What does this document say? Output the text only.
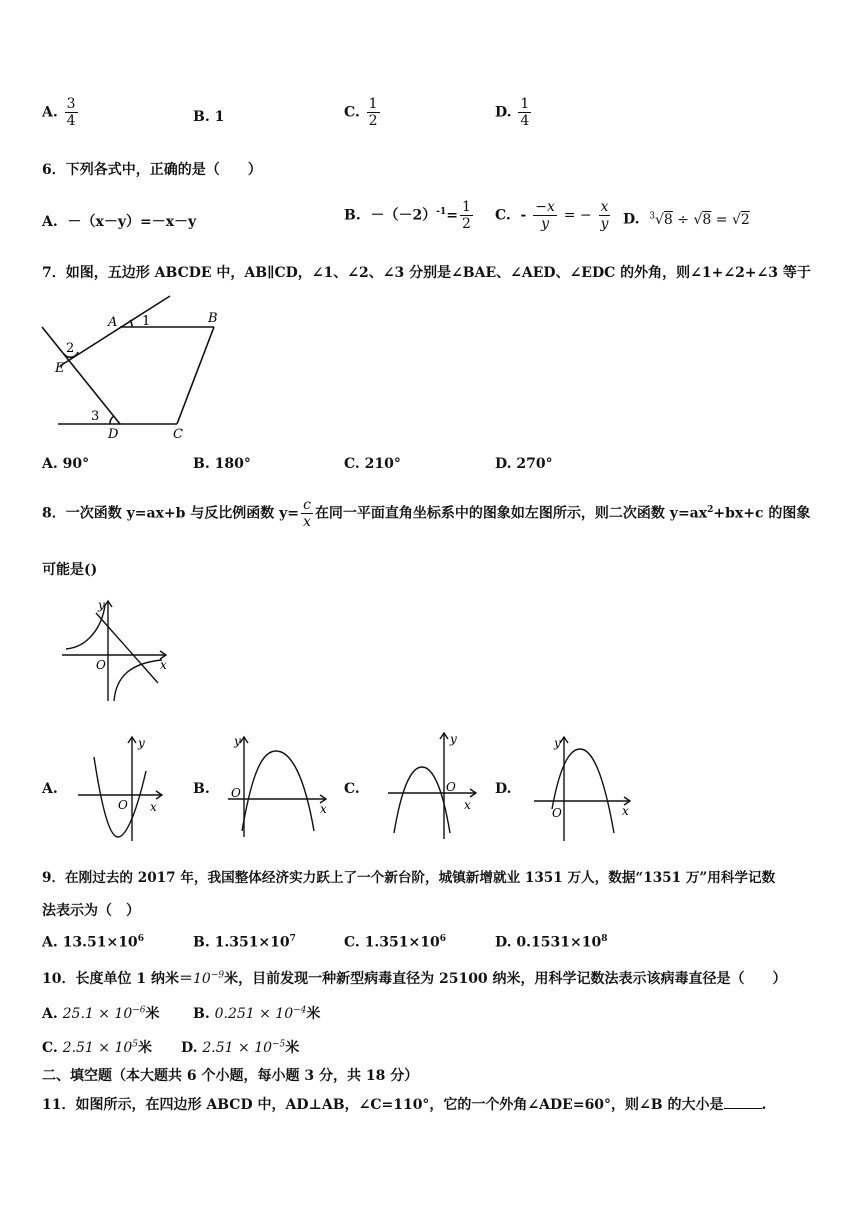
A. $\frac{3}{4}$	B. 1	C. $\frac{1}{2}$	D. $\frac{1}{4}$
6．下列各式中，正确的是（　　）
A. －（x－y）=－x－y	B. $-(-2)^{-1}= \frac{1}{2} C$. - $\frac{-x}{y}$ = − $\frac{x}{y} D$. $^3$√8 ÷ √8 = √2
7．如图，五边形 ABCDE 中，AB∥CD，∠1、∠2、∠3 分别是∠BAE、∠AED、∠EDC 的外角，则∠1+∠2+∠3 等于
A 1	B
2
E
3
D	C
A. 90°	B. 180°	C. 210°	D. 270°
8．一次函数 y=ax+b 与反比例函数 $y= \frac{c}{x}$ 在同一平面直角坐标系中的图象如左图所示，则二次函数 $y=ax^2+bx+c$ 的图象
可能是()
y
x
O
A.
y
x
O
B.
y
x
O	C.
y
x
O	D.
y
x
O
9．在刚过去的 2017 年，我国整体经济实力跃上了一个新台阶，城镇新增就业 1351 万人，数据“1351 万”用科学记数
法表示为（　）
A. $13.51\times 10^6$	B. $1.351\times 10^7$	C. $1.351\times 10^6$	D. $0.1531\times 10^8$
10．长度单位 1 纳米$=10^{-9}$米，目前发现一种新型病毒直径为 25100 纳米，用科学记数法表示该病毒直径是（　　）
A. $25.1 \times 10^{-6}$米 B. $0.251 \times 10^{-4}$米
C. $2.51 \times 10^5$米 D. $2.51 \times 10^{-5}$米
二、填空题（本大题共 6 个小题，每小题 3 分，共 18 分）
11．如图所示，在四边形 ABCD 中，AD⊥AB，∠C=110°，它的一个外角∠ADE=60°，则∠B 的大小是	.
